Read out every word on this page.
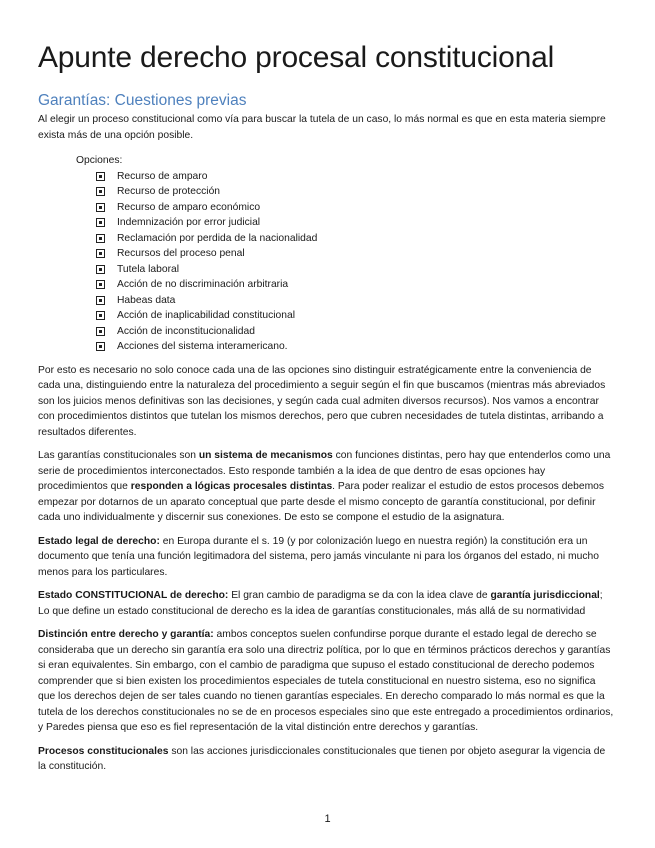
Apunte derecho procesal constitucional
Garantías: Cuestiones previas

Al elegir un proceso constitucional como vía para buscar la tutela de un caso, lo más normal es que en esta materia siempre exista más de una opción posible.

Opciones:
Recurso de amparo
Recurso de protección
Recurso de amparo económico
Indemnización por error judicial
Reclamación por perdida de la nacionalidad
Recursos del proceso penal
Tutela laboral
Acción de no discriminación arbitraria
Habeas data
Acción de inaplicabilidad constitucional
Acción de inconstitucionalidad
Acciones del sistema interamericano.

Por esto es necesario no solo conoce cada una de las opciones sino distinguir estratégicamente entre la conveniencia de cada una, distinguiendo entre la naturaleza del procedimiento a seguir según el fin que buscamos (mientras más abreviados son los juicios menos definitivas son las decisiones, y según cada cual admiten diversos recursos). Nos vamos a encontrar con procedimientos distintos que tutelan los mismos derechos, pero que cubren necesidades de tutela distintas, arribando a resultados diferentes.

Las garantías constitucionales son un sistema de mecanismos con funciones distintas, pero hay que entenderlos como una serie de procedimientos interconectados. Esto responde también a la idea de que dentro de esas opciones hay procedimientos que responden a lógicas procesales distintas. Para poder realizar el estudio de estos procesos debemos empezar por dotarnos de un aparato conceptual que parte desde el mismo concepto de garantía constitucional, por definir cada uno individualmente y discernir sus conexiones. De esto se compone el estudio de la asignatura.

Estado legal de derecho: en Europa durante el s. 19 (y por colonización luego en nuestra región) la constitución era un documento que tenía una función legitimadora del sistema, pero jamás vinculante ni para los órganos del estado, ni mucho menos para los particulares.

Estado CONSTITUCIONAL de derecho: El gran cambio de paradigma se da con la idea clave de garantía jurisdiccional; Lo que define un estado constitucional de derecho es la idea de garantías constitucionales, más allá de su normatividad

Distinción entre derecho y garantía: ambos conceptos suelen confundirse porque durante el estado legal de derecho se consideraba que un derecho sin garantía era solo una directriz política, por lo que en términos prácticos derechos y garantías si eran equivalentes. Sin embargo, con el cambio de paradigma que supuso el estado constitucional de derecho podemos comprender que si bien existen los procedimientos especiales de tutela constitucional en nuestro sistema, eso no significa que los derechos dejen de ser tales cuando no tienen garantías especiales. En derecho comparado lo más normal es que la tutela de los derechos constitucionales no se de en procesos especiales sino que este entregado a procedimientos ordinarios, y Paredes piensa que eso es fiel representación de la vital distinción entre derechos y garantías.

Procesos constitucionales son las acciones jurisdiccionales constitucionales que tienen por objeto asegurar la vigencia de la constitución.

1
